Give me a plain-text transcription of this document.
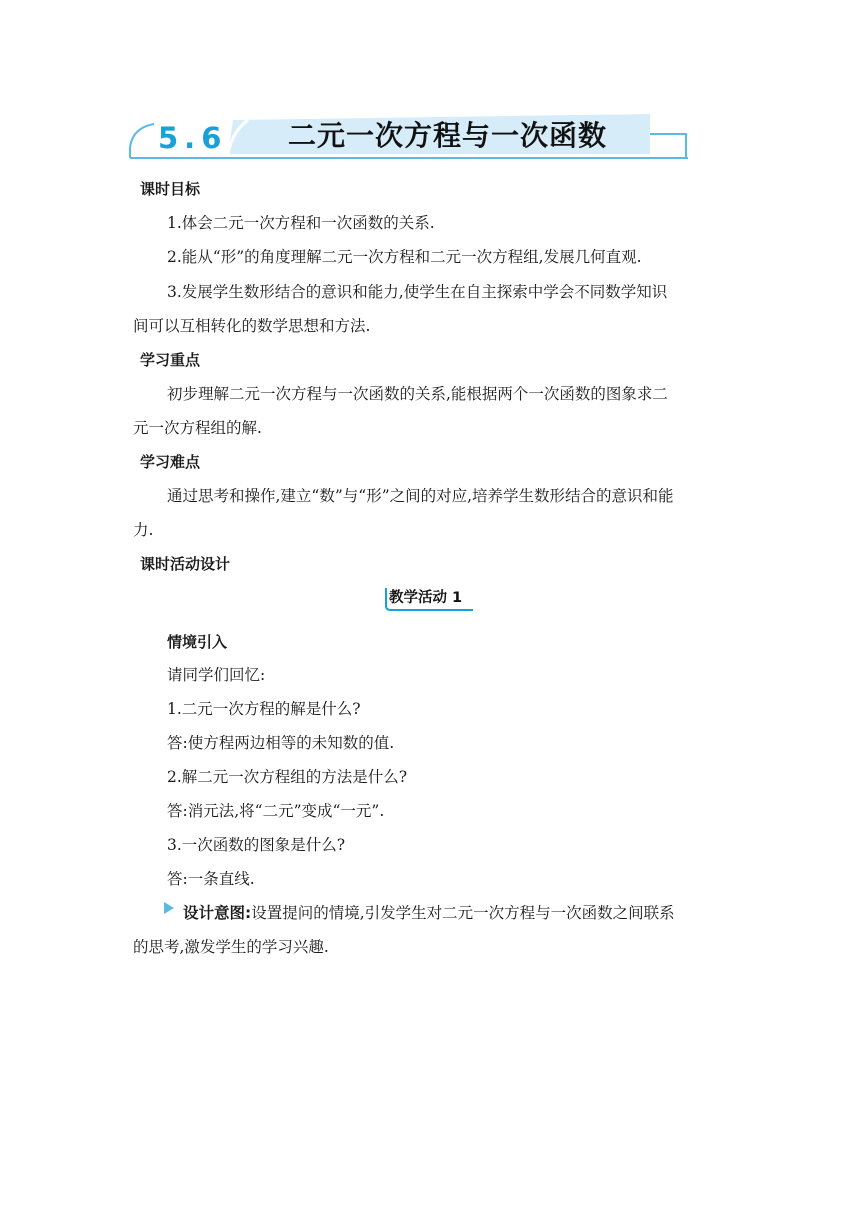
5.6 二元一次方程与一次函数
课时目标
1.体会二元一次方程和一次函数的关系.
2.能从“形”的角度理解二元一次方程和二元一次方程组,发展几何直观.
3.发展学生数形结合的意识和能力,使学生在自主探索中学会不同数学知识
间可以互相转化的数学思想和方法.
学习重点
初步理解二元一次方程与一次函数的关系,能根据两个一次函数的图象求二
元一次方程组的解.
学习难点
通过思考和操作,建立“数”与“形”之间的对应,培养学生数形结合的意识和能
力.
课时活动设计
教学活动 1
情境引入
请同学们回忆:
1.二元一次方程的解是什么?
答:使方程两边相等的未知数的值.
2.解二元一次方程组的方法是什么?
答:消元法,将“二元”变成“一元”.
3.一次函数的图象是什么?
答:一条直线.
设计意图:设置提问的情境,引发学生对二元一次方程与一次函数之间联系
的思考,激发学生的学习兴趣.
